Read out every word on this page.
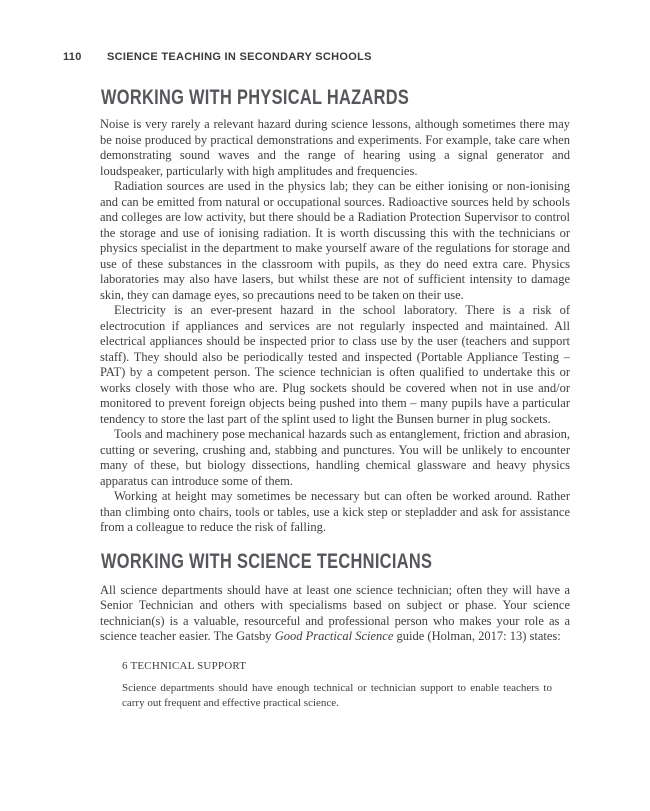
110	SCIENCE TEACHING IN SECONDARY SCHOOLS
WORKING WITH PHYSICAL HAZARDS

Noise is very rarely a relevant hazard during science lessons, although sometimes there may be noise produced by practical demonstrations and experiments. For example, take care when demonstrating sound waves and the range of hearing using a signal generator and loudspeaker, particularly with high amplitudes and frequencies.

Radiation sources are used in the physics lab; they can be either ionising or non-ionising and can be emitted from natural or occupational sources. Radioactive sources held by schools and colleges are low activity, but there should be a Radiation Protection Supervisor to control the storage and use of ionising radiation. It is worth discussing this with the technicians or physics specialist in the department to make yourself aware of the regulations for storage and use of these substances in the classroom with pupils, as they do need extra care. Physics laboratories may also have lasers, but whilst these are not of sufficient intensity to damage skin, they can damage eyes, so precautions need to be taken on their use.

Electricity is an ever-present hazard in the school laboratory. There is a risk of electrocution if appliances and services are not regularly inspected and maintained. All electrical appliances should be inspected prior to class use by the user (teachers and support staff). They should also be periodically tested and inspected (Portable Appliance Testing – PAT) by a competent person. The science technician is often qualified to undertake this or works closely with those who are. Plug sockets should be covered when not in use and/or monitored to prevent foreign objects being pushed into them – many pupils have a particular tendency to store the last part of the splint used to light the Bunsen burner in plug sockets.

Tools and machinery pose mechanical hazards such as entanglement, friction and abrasion, cutting or severing, crushing and, stabbing and punctures. You will be unlikely to encounter many of these, but biology dissections, handling chemical glassware and heavy physics apparatus can introduce some of them.

Working at height may sometimes be necessary but can often be worked around. Rather than climbing onto chairs, tools or tables, use a kick step or stepladder and ask for assistance from a colleague to reduce the risk of falling.

WORKING WITH SCIENCE TECHNICIANS

All science departments should have at least one science technician; often they will have a Senior Technician and others with specialisms based on subject or phase. Your science technician(s) is a valuable, resourceful and professional person who makes your role as a science teacher easier. The Gatsby Good Practical Science guide (Holman, 2017: 13) states:

6 TECHNICAL SUPPORT

Science departments should have enough technical or technician support to enable teachers to carry out frequent and effective practical science.
